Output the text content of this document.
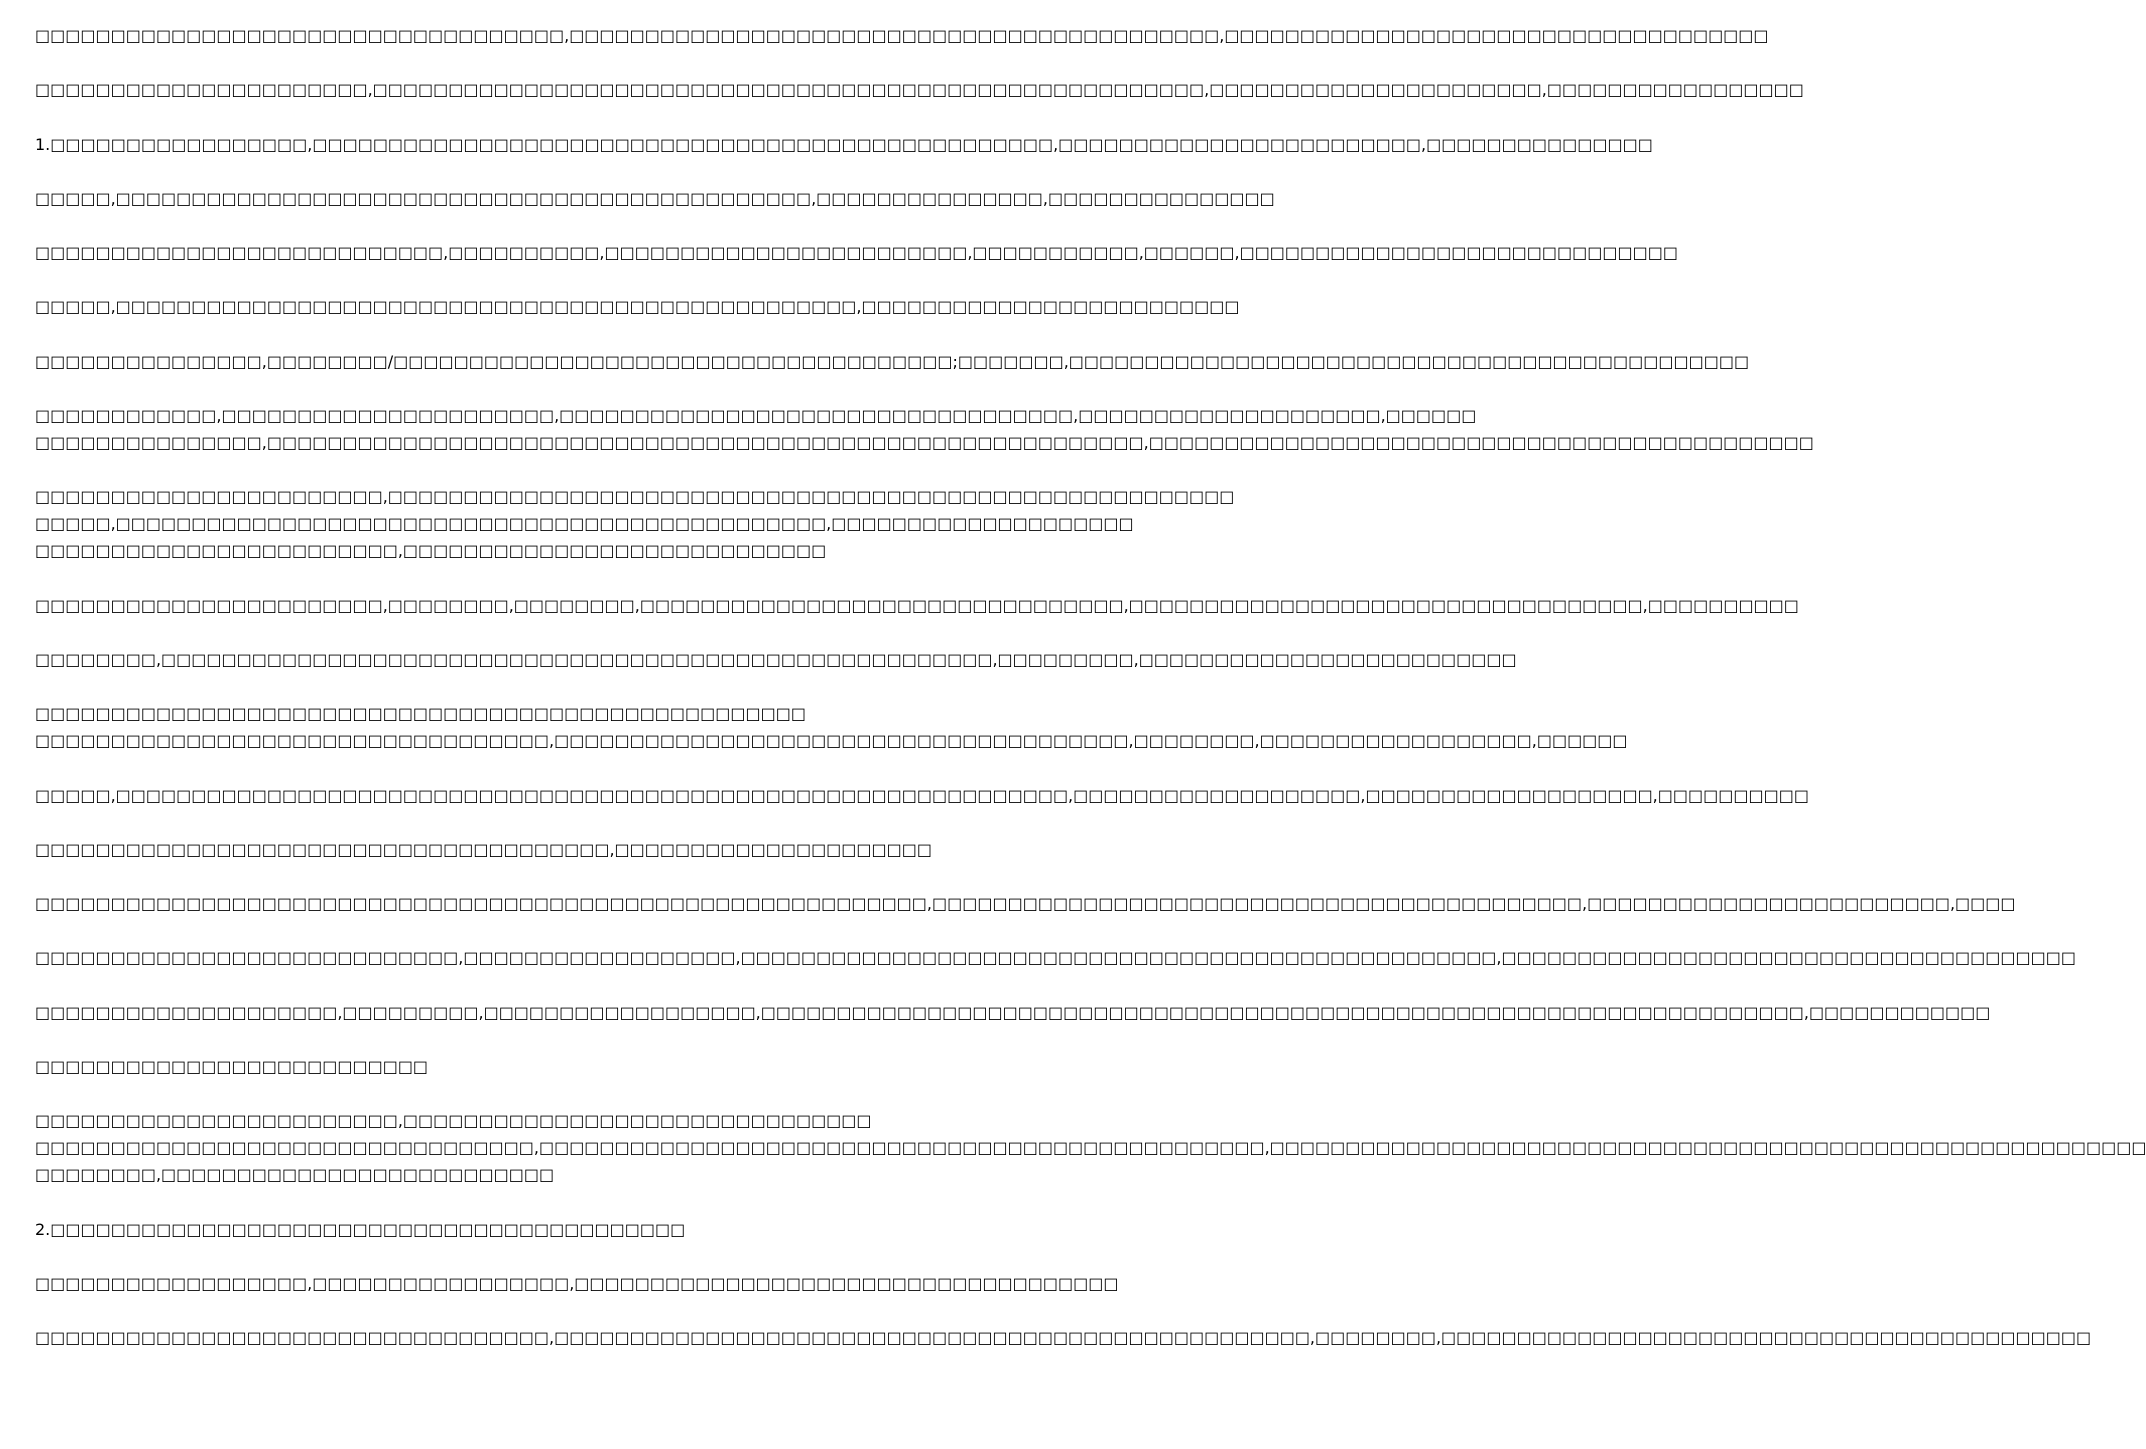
□□□□□□□□□□□□□□□□□□□□□□□□□□□□□□□□□□□,□□□□□□□□□□□□□□□□□□□□□□□□□□□□□□□□□□□□□□□□□□□,□□□□□□□□□□□□□□□□□□□□□□□□□□□□□□□□□□□□

□□□□□□□□□□□□□□□□□□□□□□,□□□□□□□□□□□□□□□□□□□□□□□□□□□□□□□□□□□□□□□□□□□□□□□□□□□□□□□,□□□□□□□□□□□□□□□□□□□□□□,□□□□□□□□□□□□□□□□□

1.□□□□□□□□□□□□□□□□□,□□□□□□□□□□□□□□□□□□□□□□□□□□□□□□□□□□□□□□□□□□□□□□□□□,□□□□□□□□□□□□□□□□□□□□□□□□,□□□□□□□□□□□□□□□

□□□□□,□□□□□□□□□□□□□□□□□□□□□□□□□□□□□□□□□□□□□□□□□□□□□□,□□□□□□□□□□□□□□□,□□□□□□□□□□□□□□□

□□□□□□□□□□□□□□□□□□□□□□□□□□□,□□□□□□□□□□,□□□□□□□□□□□□□□□□□□□□□□□□,□□□□□□□□□□□,□□□□□□,□□□□□□□□□□□□□□□□□□□□□□□□□□□□□

□□□□□,□□□□□□□□□□□□□□□□□□□□□□□□□□□□□□□□□□□□□□□□□□□□□□□□□,□□□□□□□□□□□□□□□□□□□□□□□□□

□□□□□□□□□□□□□□□,□□□□□□□□/□□□□□□□□□□□□□□□□□□□□□□□□□□□□□□□□□□□□□;□□□□□□□,□□□□□□□□□□□□□□□□□□□□□□□□□□□□□□□□□□□□□□□□□□□□□

□□□□□□□□□□□□,□□□□□□□□□□□□□□□□□□□□□□,□□□□□□□□□□□□□□□□□□□□□□□□□□□□□□□□□□,□□□□□□□□□□□□□□□□□□□□,□□□□□□
□□□□□□□□□□□□□□□,□□□□□□□□□□□□□□□□□□□□□□□□□□□□□□□□□□□□□□□□□□□□□□□□□□□□□□□□□□,□□□□□□□□□□□□□□□□□□□□□□□□□□□□□□□□□□□□□□□□□□□□

□□□□□□□□□□□□□□□□□□□□□□□,□□□□□□□□□□□□□□□□□□□□□□□□□□□□□□□□□□□□□□□□□□□□□□□□□□□□□□□□
□□□□□,□□□□□□□□□□□□□□□□□□□□□□□□□□□□□□□□□□□□□□□□□□□□□□□,□□□□□□□□□□□□□□□□□□□□
□□□□□□□□□□□□□□□□□□□□□□□□,□□□□□□□□□□□□□□□□□□□□□□□□□□□□

□□□□□□□□□□□□□□□□□□□□□□□,□□□□□□□□,□□□□□□□□,□□□□□□□□□□□□□□□□□□□□□□□□□□□□□□□□,□□□□□□□□□□□□□□□□□□□□□□□□□□□□□□□□□□,□□□□□□□□□□

□□□□□□□□,□□□□□□□□□□□□□□□□□□□□□□□□□□□□□□□□□□□□□□□□□□□□□□□□□□□□□□□,□□□□□□□□□,□□□□□□□□□□□□□□□□□□□□□□□□□

□□□□□□□□□□□□□□□□□□□□□□□□□□□□□□□□□□□□□□□□□□□□□□□□□□□
□□□□□□□□□□□□□□□□□□□□□□□□□□□□□□□□□□,□□□□□□□□□□□□□□□□□□□□□□□□□□□□□□□□□□□□□□,□□□□□□□□,□□□□□□□□□□□□□□□□□□,□□□□□□

□□□□□,□□□□□□□□□□□□□□□□□□□□□□□□□□□□□□□□□□□□□□□□□□□□□□□□□□□□□□□□□□□□□□□,□□□□□□□□□□□□□□□□□□□,□□□□□□□□□□□□□□□□□□□,□□□□□□□□□□

□□□□□□□□□□□□□□□□□□□□□□□□□□□□□□□□□□□□□□,□□□□□□□□□□□□□□□□□□□□□

□□□□□□□□□□□□□□□□□□□□□□□□□□□□□□□□□□□□□□□□□□□□□□□□□□□□□□□□□□□,□□□□□□□□□□□□□□□□□□□□□□□□□□□□□□□□□□□□□□□□□□□,□□□□□□□□□□□□□□□□□□□□□□□□,□□□□

□□□□□□□□□□□□□□□□□□□□□□□□□□□□,□□□□□□□□□□□□□□□□□□,□□□□□□□□□□□□□□□□□□□□□□□□□□□□□□□□□□□□□□□□□□□□□□□□□□,□□□□□□□□□□□□□□□□□□□□□□□□□□□□□□□□□□□□□□

□□□□□□□□□□□□□□□□□□□□,□□□□□□□□□,□□□□□□□□□□□□□□□□□□,□□□□□□□□□□□□□□□□□□□□□□□□□□□□□□□□□□□□□□□□□□□□□□□□□□□□□□□□□□□□□□□□□□□□□,□□□□□□□□□□□□

□□□□□□□□□□□□□□□□□□□□□□□□□□

□□□□□□□□□□□□□□□□□□□□□□□□,□□□□□□□□□□□□□□□□□□□□□□□□□□□□□□□
□□□□□□□□□□□□□□□□□□□□□□□□□□□□□□□□□,□□□□□□□□□□□□□□□□□□□□□□□□□□□□□□□□□□□□□□□□□□□□□□□□,□□□□□□□□□□□□□□□□□□□□□□□□□□□□□□□□□□□□□□□□□□□□□□□□□□□□□□□□□□
□□□□□□□□,□□□□□□□□□□□□□□□□□□□□□□□□□□

2.□□□□□□□□□□□□□□□□□□□□□□□□□□□□□□□□□□□□□□□□□□

□□□□□□□□□□□□□□□□□□,□□□□□□□□□□□□□□□□□,□□□□□□□□□□□□□□□□□□□□□□□□□□□□□□□□□□□□

□□□□□□□□□□□□□□□□□□□□□□□□□□□□□□□□□□,□□□□□□□□□□□□□□□□□□□□□□□□□□□□□□□□□□□□□□□□□□□□□□□□□□,□□□□□□□□,□□□□□□□□□□□□□□□□□□□□□□□□□□□□□□□□□□□□□□□□□□□
